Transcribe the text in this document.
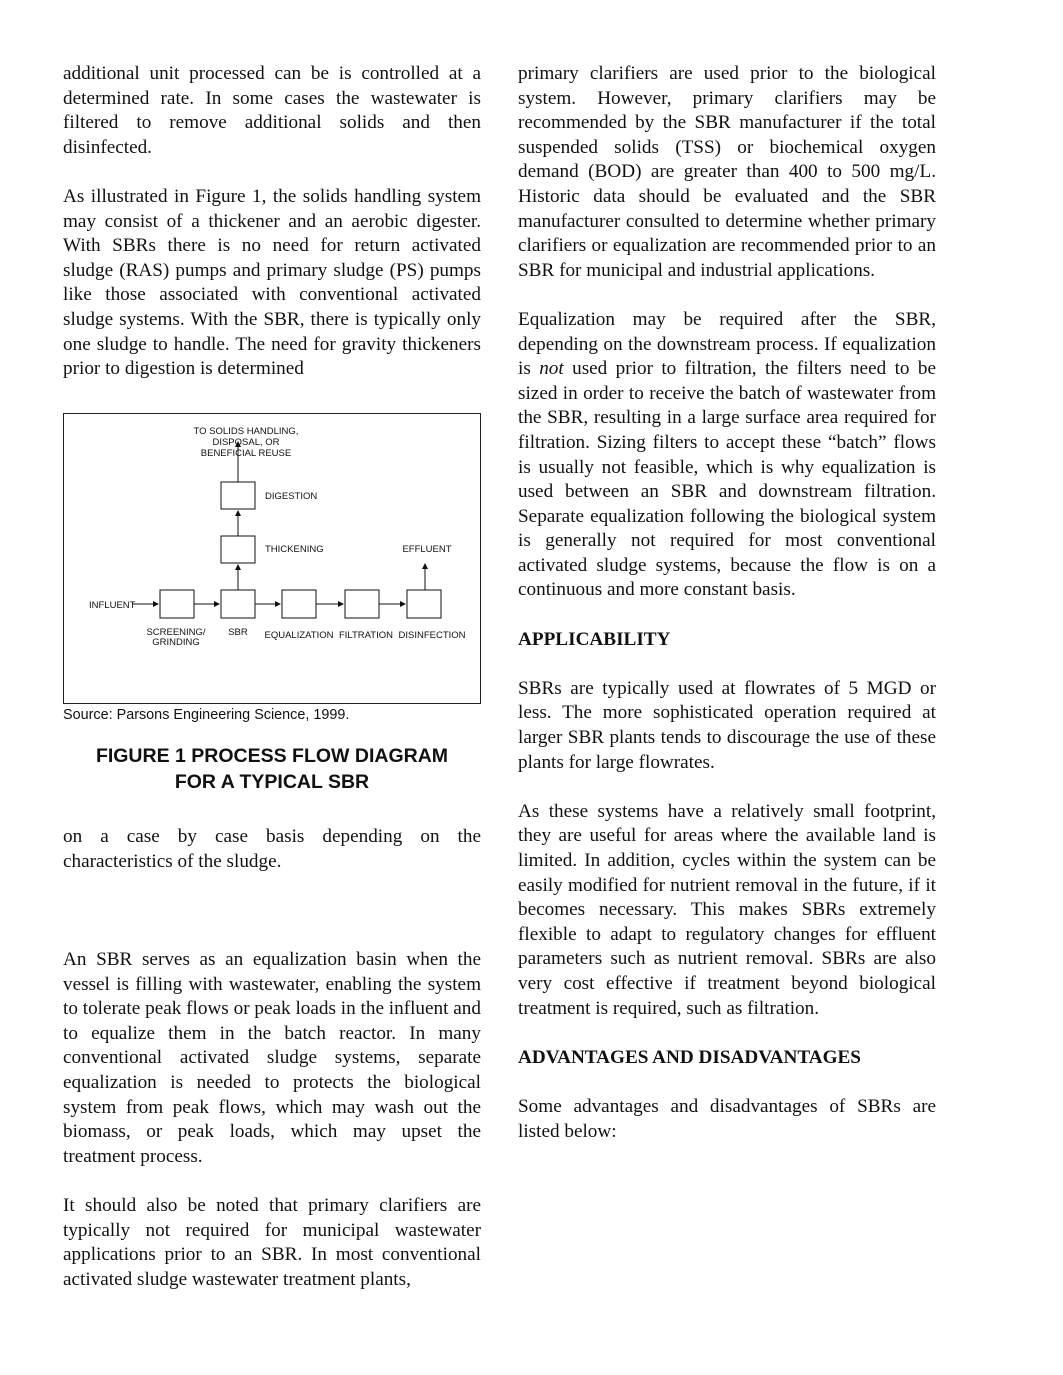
additional unit processed can be is controlled at a determined rate. In some cases the wastewater is filtered to remove additional solids and then disinfected.

As illustrated in Figure 1, the solids handling system may consist of a thickener and an aerobic digester. With SBRs there is no need for return activated sludge (RAS) pumps and primary sludge (PS) pumps like those associated with conventional activated sludge systems. With the SBR, there is typically only one sludge to handle. The need for gravity thickeners prior to digestion is determined

TO SOLIDS HANDLING,
DISPOSAL, OR
BENEFICIAL REUSE
DIGESTION
THICKENING	EFFLUENT
INFLUENT
SCREENING/
GRINDING
SBR EQUALIZATION FILTRATION DISINFECTION
Source: Parsons Engineering Science, 1999.
FIGURE 1 PROCESS FLOW DIAGRAM
FOR A TYPICAL SBR

on a case by case basis depending on the characteristics of the sludge.

An SBR serves as an equalization basin when the vessel is filling with wastewater, enabling the system to tolerate peak flows or peak loads in the influent and to equalize them in the batch reactor. In many conventional activated sludge systems, separate equalization is needed to protects the biological system from peak flows, which may wash out the biomass, or peak loads, which may upset the treatment process.

It should also be noted that primary clarifiers are typically not required for municipal wastewater applications prior to an SBR. In most conventional activated sludge wastewater treatment plants,

primary clarifiers are used prior to the biological system. However, primary clarifiers may be recommended by the SBR manufacturer if the total suspended solids (TSS) or biochemical oxygen demand (BOD) are greater than 400 to 500 mg/L. Historic data should be evaluated and the SBR manufacturer consulted to determine whether primary clarifiers or equalization are recommended prior to an SBR for municipal and industrial applications.

Equalization may be required after the SBR, depending on the downstream process. If equalization is not used prior to filtration, the filters need to be sized in order to receive the batch of wastewater from the SBR, resulting in a large surface area required for filtration. Sizing filters to accept these “batch” flows is usually not feasible, which is why equalization is used between an SBR and downstream filtration. Separate equalization following the biological system is generally not required for most conventional activated sludge systems, because the flow is on a continuous and more constant basis.

APPLICABILITY

SBRs are typically used at flowrates of 5 MGD or less. The more sophisticated operation required at larger SBR plants tends to discourage the use of these plants for large flowrates.

As these systems have a relatively small footprint, they are useful for areas where the available land is limited. In addition, cycles within the system can be easily modified for nutrient removal in the future, if it becomes necessary. This makes SBRs extremely flexible to adapt to regulatory changes for effluent parameters such as nutrient removal. SBRs are also very cost effective if treatment beyond biological treatment is required, such as filtration.

ADVANTAGES AND DISADVANTAGES

Some advantages and disadvantages of SBRs are listed below:
